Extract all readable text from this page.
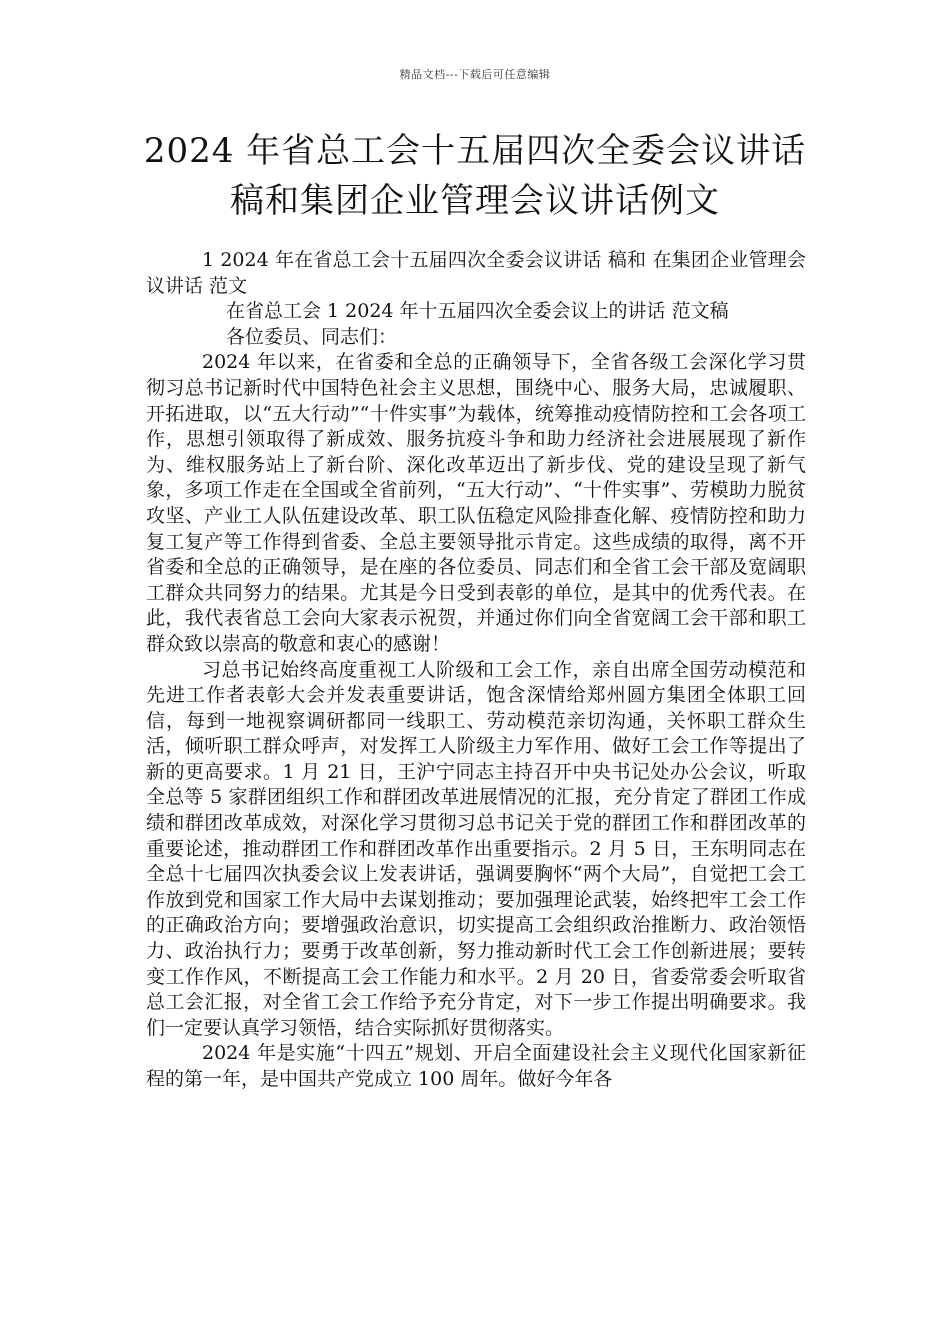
精品文档---下载后可任意编辑
2024 年省总工会十五届四次全委会议讲话
稿和集团企业管理会议讲话例文

1 2024 年在省总工会十五届四次全委会议讲话 稿和 在集团企业管理会议讲话 范文

在省总工会 1 2024 年十五届四次全委会议上的讲话 范文稿

各位委员、同志们：

2024 年以来，在省委和全总的正确领导下，全省各级工会深化学习贯彻习总书记新时代中国特色社会主义思想，围绕中心、服务大局，忠诚履职、开拓进取，以“五大行动”“十件实事”为载体，统筹推动疫情防控和工会各项工作，思想引领取得了新成效、服务抗疫斗争和助力经济社会进展展现了新作为、维权服务站上了新台阶、深化改革迈出了新步伐、党的建设呈现了新气象，多项工作走在全国或全省前列，“五大行动”、“十件实事”、劳模助力脱贫攻坚、产业工人队伍建设改革、职工队伍稳定风险排查化解、疫情防控和助力复工复产等工作得到省委、全总主要领导批示肯定。这些成绩的取得，离不开省委和全总的正确领导，是在座的各位委员、同志们和全省工会干部及宽阔职工群众共同努力的结果。尤其是今日受到表彰的单位，是其中的优秀代表。在此，我代表省总工会向大家表示祝贺，并通过你们向全省宽阔工会干部和职工群众致以崇高的敬意和衷心的感谢！

习总书记始终高度重视工人阶级和工会工作，亲自出席全国劳动模范和先进工作者表彰大会并发表重要讲话，饱含深情给郑州圆方集团全体职工回信，每到一地视察调研都同一线职工、劳动模范亲切沟通，关怀职工群众生活，倾听职工群众呼声，对发挥工人阶级主力军作用、做好工会工作等提出了新的更高要求。1 月 21 日，王沪宁同志主持召开中央书记处办公会议，听取全总等 5 家群团组织工作和群团改革进展情况的汇报，充分肯定了群团工作成绩和群团改革成效，对深化学习贯彻习总书记关于党的群团工作和群团改革的重要论述，推动群团工作和群团改革作出重要指示。2 月 5 日，王东明同志在全总十七届四次执委会议上发表讲话，强调要胸怀“两个大局”，自觉把工会工作放到党和国家工作大局中去谋划推动；要加强理论武装，始终把牢工会工作的正确政治方向；要增强政治意识，切实提高工会组织政治推断力、政治领悟力、政治执行力；要勇于改革创新，努力推动新时代工会工作创新进展；要转变工作作风，不断提高工会工作能力和水平。2 月 20 日，省委常委会听取省总工会汇报，对全省工会工作给予充分肯定，对下一步工作提出明确要求。我们一定要认真学习领悟，结合实际抓好贯彻落实。

2024 年是实施“十四五”规划、开启全面建设社会主义现代化国家新征程的第一年，是中国共产党成立 100 周年。做好今年各
